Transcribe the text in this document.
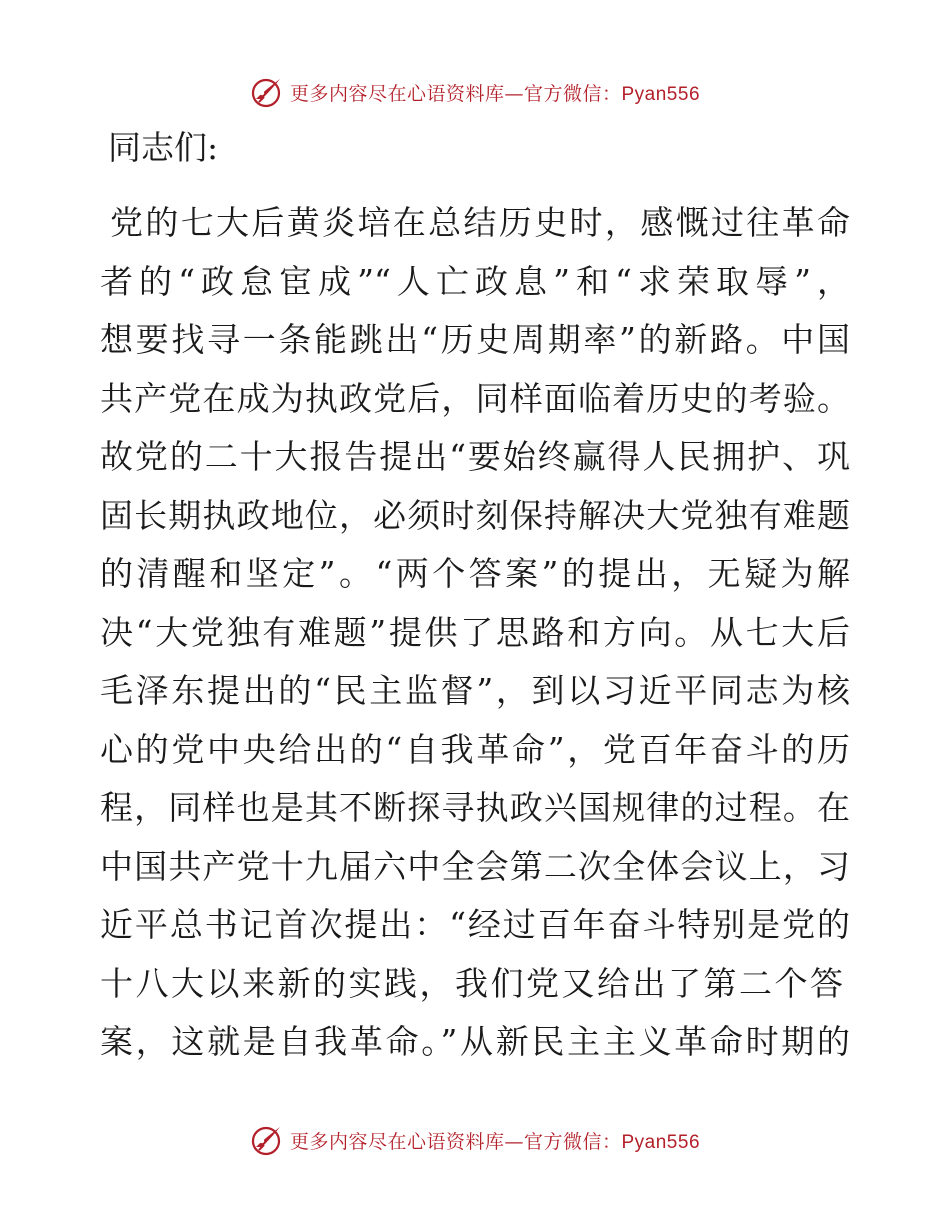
更多内容尽在心语资料库—官方微信：Pyan556

同志们:

党的七大后黄炎培在总结历史时，感慨过往革命
者的“政怠宦成”“人亡政息”和“求荣取辱”，
想要找寻一条能跳出“历史周期率”的新路。中国
共产党在成为执政党后，同样面临着历史的考验。
故党的二十大报告提出“要始终赢得人民拥护、巩
固长期执政地位，必须时刻保持解决大党独有难题
的清醒和坚定”。“两个答案”的提出，无疑为解
决“大党独有难题”提供了思路和方向。从七大后
毛泽东提出的“民主监督”，到以习近平同志为核
心的党中央给出的“自我革命”，党百年奋斗的历
程，同样也是其不断探寻执政兴国规律的过程。在
中国共产党十九届六中全会第二次全体会议上，习
近平总书记首次提出：“经过百年奋斗特别是党的
十八大以来新的实践，我们党又给出了第二个答
案，这就是自我革命。”从新民主主义革命时期的
更多内容尽在心语资料库—官方微信：Pyan556
